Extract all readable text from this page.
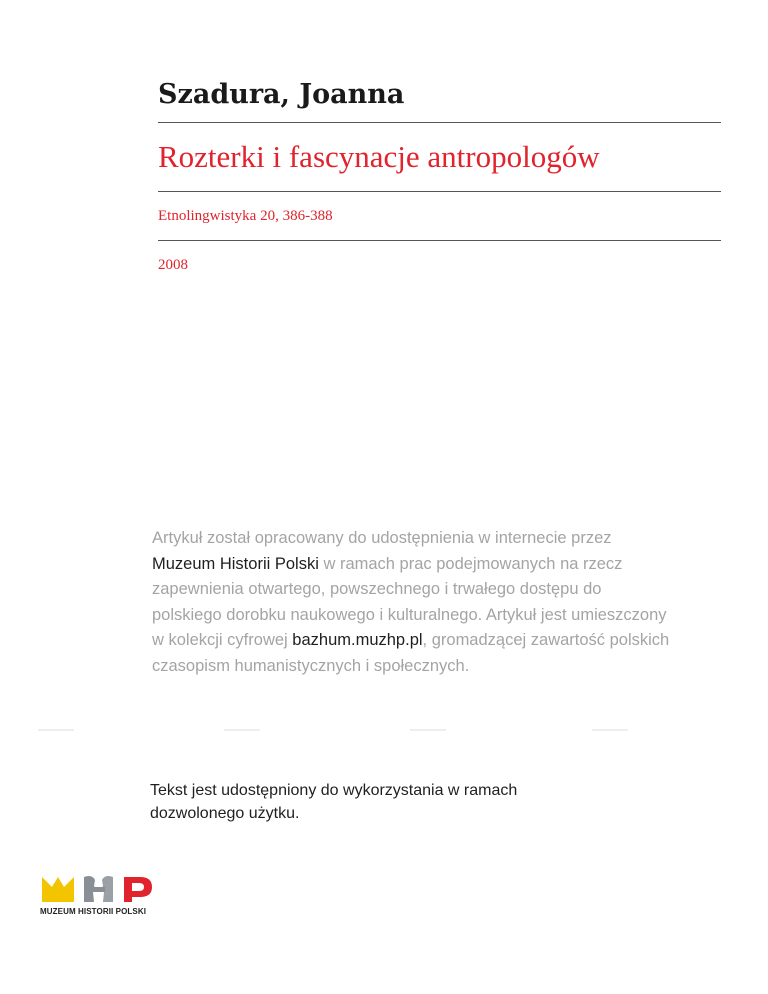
Szadura, Joanna
Rozterki i fascynacje antropologów
Etnolingwistyka 20, 386-388
2008
Artykuł został opracowany do udostępnienia w internecie przez
Muzeum Historii Polski w ramach prac podejmowanych na rzecz zapewnienia otwartego, powszechnego i trwałego dostępu do polskiego dorobku naukowego i kulturalnego. Artykuł jest umieszczony w kolekcji cyfrowej bazhum.muzhp.pl, gromadzącej zawartość polskich czasopism humanistycznych i społecznych.
Tekst jest udostępniony do wykorzystania w ramach dozwolonego użytku.
MUZEUM HISTORII POLSKI
